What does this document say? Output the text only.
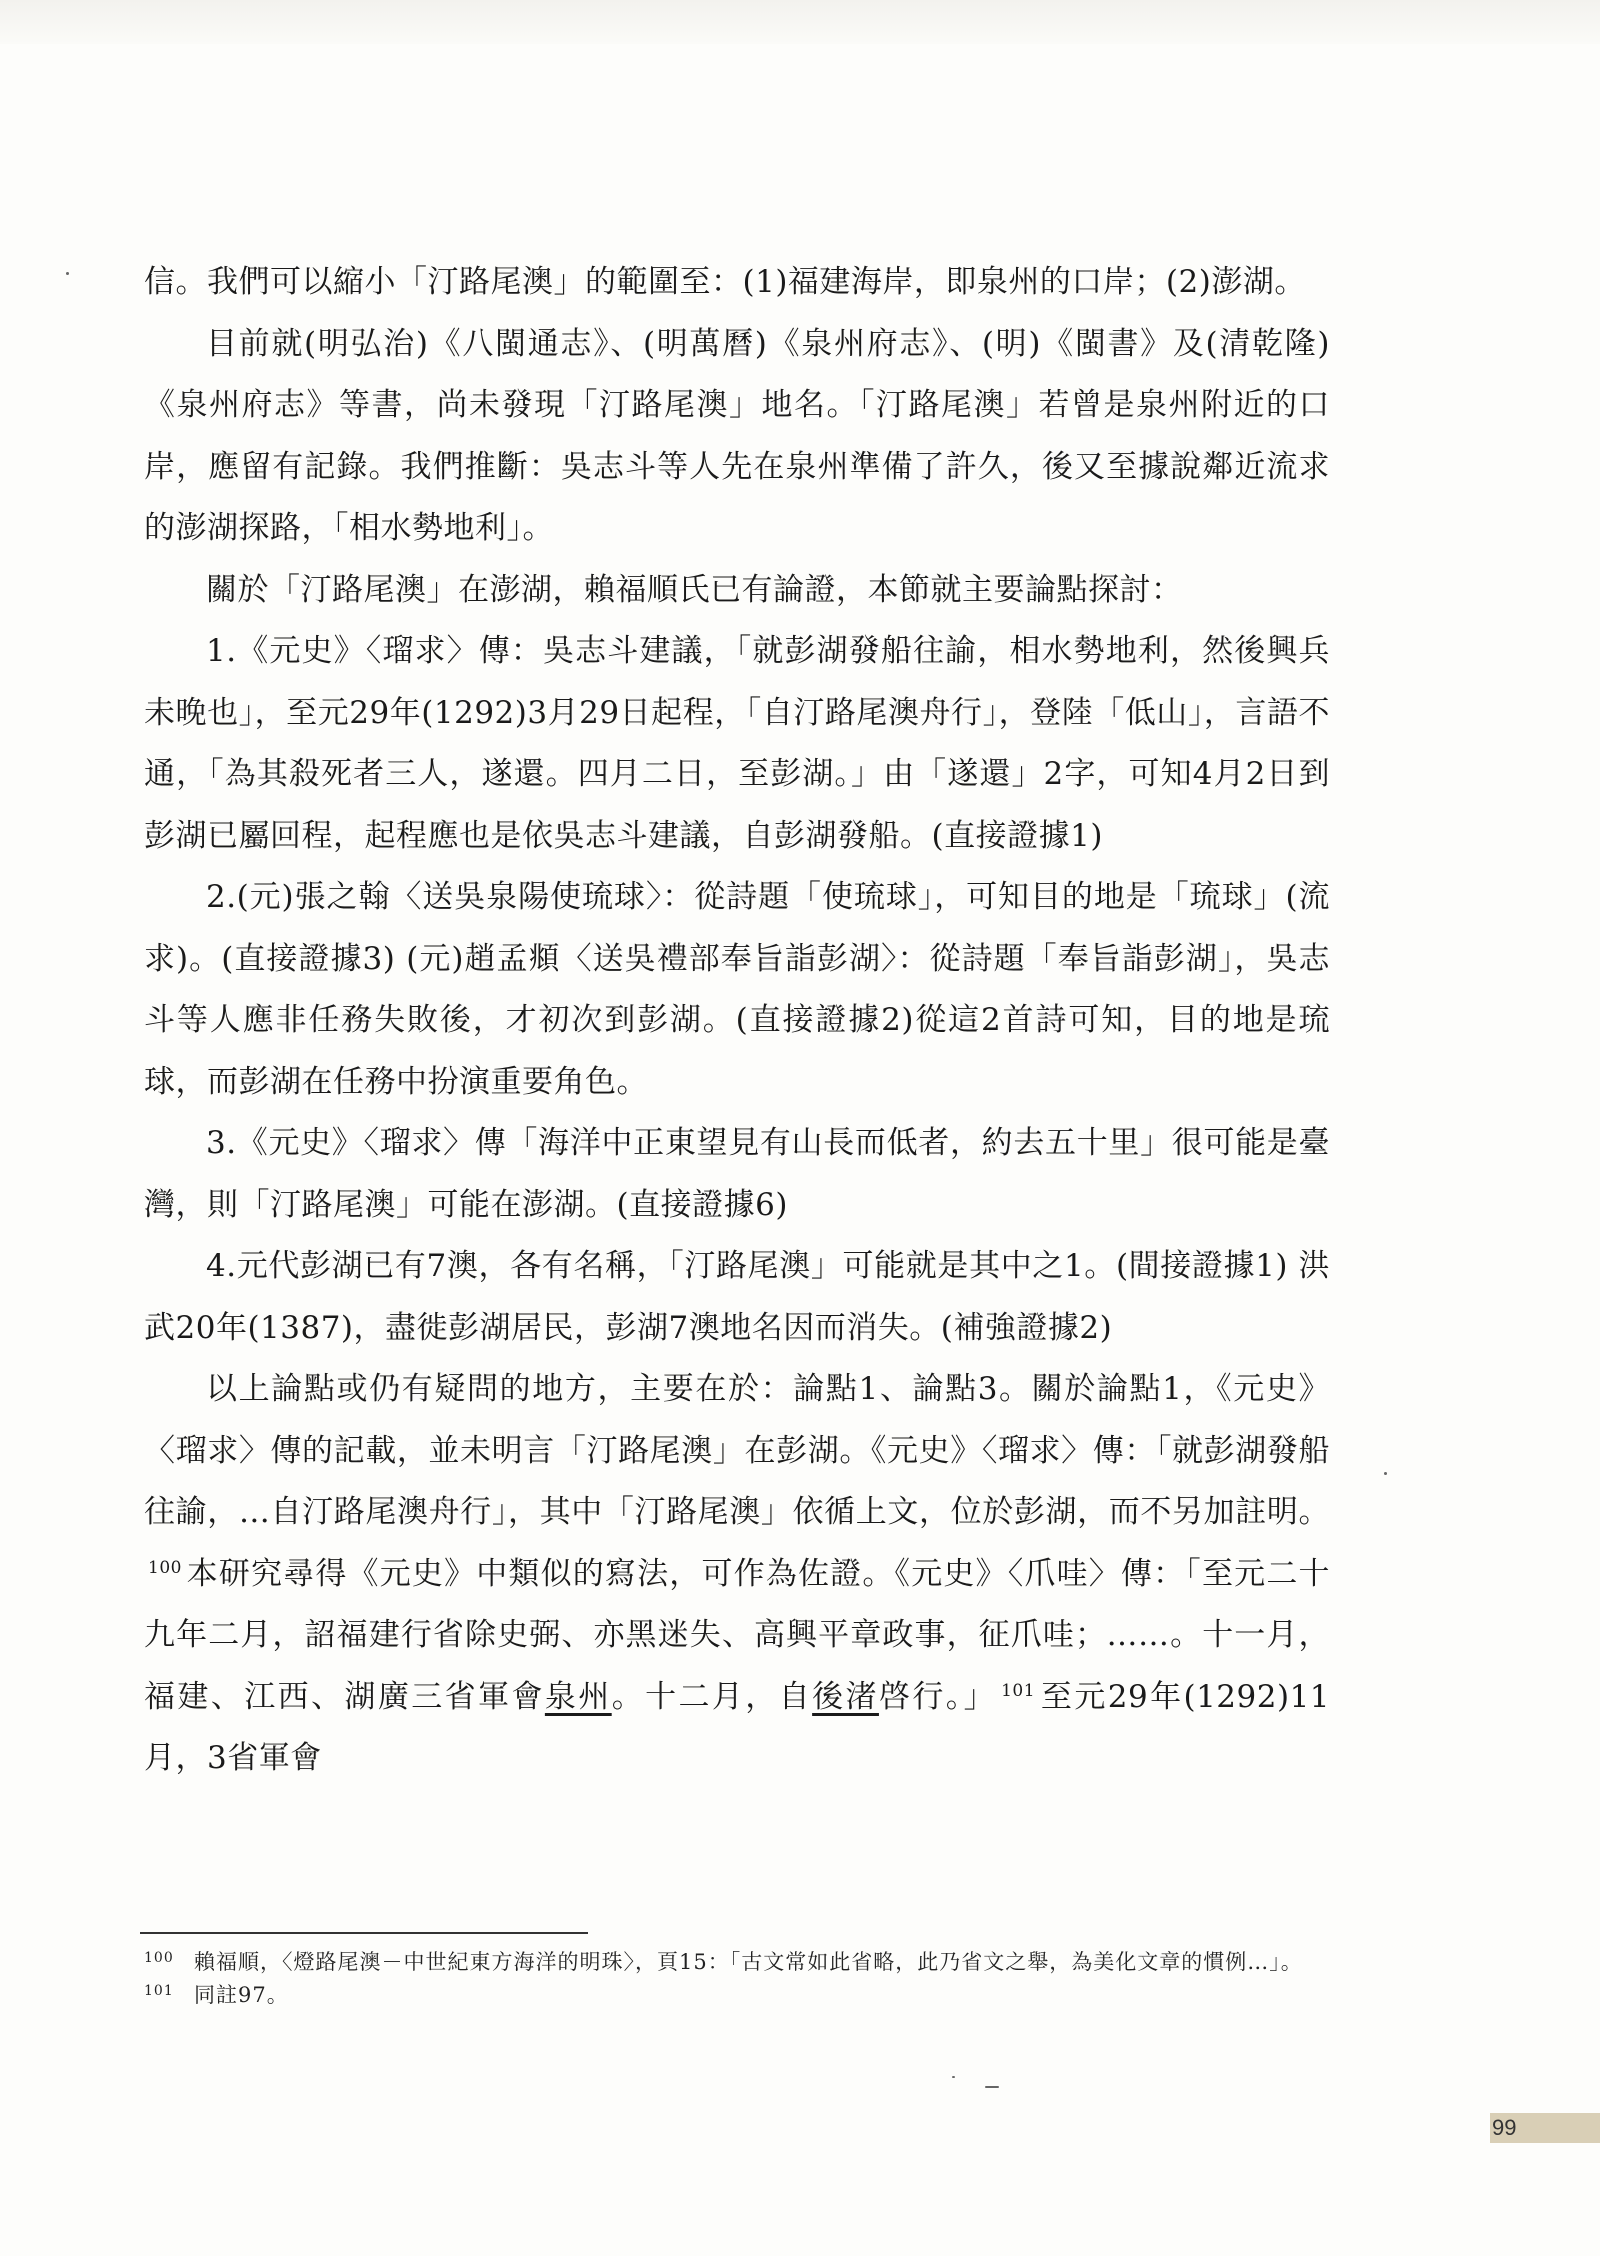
信。我們可以縮小「汀路尾澳」的範圍至：(1)福建海岸，即泉州的口岸；(2)澎湖。

目前就(明弘治)《八閩通志》、(明萬曆)《泉州府志》、(明)《閩書》及(清乾隆)《泉州府志》等書，尚未發現「汀路尾澳」地名。「汀路尾澳」若曾是泉州附近的口岸，應留有記錄。我們推斷：吳志斗等人先在泉州準備了許久，後又至據說鄰近流求的澎湖探路，「相水勢地利」。

關於「汀路尾澳」在澎湖，賴福順氏已有論證，本節就主要論點探討：

1.《元史》〈瑠求〉傳：吳志斗建議，「就彭湖發船往諭，相水勢地利，然後興兵未晚也」，至元29年(1292)3月29日起程，「自汀路尾澳舟行」，登陸「低山」，言語不通，「為其殺死者三人，遂還。四月二日，至彭湖。」由「遂還」2字，可知4月2日到彭湖已屬回程，起程應也是依吳志斗建議，自彭湖發船。(直接證據1)

2.(元)張之翰〈送吳泉陽使琉球〉：從詩題「使琉球」，可知目的地是「琉球」(流求)。(直接證據3) (元)趙孟頫〈送吳禮部奉旨詣彭湖〉：從詩題「奉旨詣彭湖」，吳志斗等人應非任務失敗後，才初次到彭湖。(直接證據2)從這2首詩可知，目的地是琉球，而彭湖在任務中扮演重要角色。

3.《元史》〈瑠求〉傳「海洋中正東望見有山長而低者，約去五十里」很可能是臺灣，則「汀路尾澳」可能在澎湖。(直接證據6)

4.元代彭湖已有7澳，各有名稱，「汀路尾澳」可能就是其中之1。(間接證據1) 洪武20年(1387)，盡徙彭湖居民，彭湖7澳地名因而消失。(補強證據2)

以上論點或仍有疑問的地方，主要在於：論點1、論點3。關於論點1，《元史》〈瑠求〉傳的記載，並未明言「汀路尾澳」在彭湖。《元史》〈瑠求〉傳：「就彭湖發船往諭，…自汀路尾澳舟行」，其中「汀路尾澳」依循上文，位於彭湖，而不另加註明。$^{100}$ 本研究尋得《元史》中類似的寫法，可作為佐證。《元史》〈爪哇〉傳：「至元二十九年二月，詔福建行省除史弼、亦黑迷失、高興平章政事，征爪哇；……。十一月，福建、江西、湖廣三省軍會泉州。十二月，自後渚啓行。」 $^{101}$ 至元29年(1292)11月，3省軍會

100 賴福順，〈燈路尾澳－中世紀東方海洋的明珠〉，頁15：「古文常如此省略，此乃省文之舉，為美化文章的慣例…」。
101 同註97。
99
